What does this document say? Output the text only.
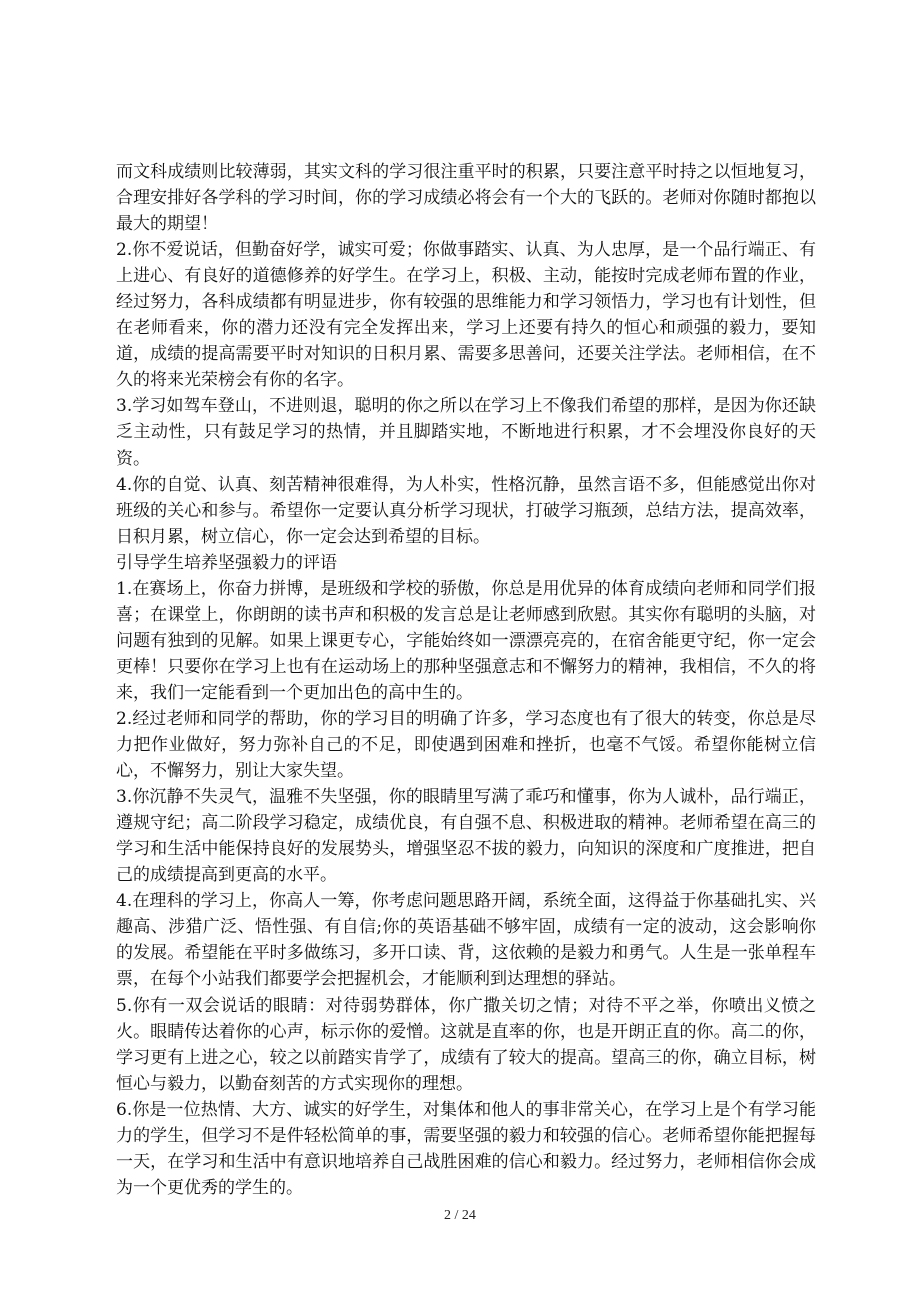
而文科成绩则比较薄弱，其实文科的学习很注重平时的积累，只要注意平时持之以恒地复习，合理安排好各学科的学习时间，你的学习成绩必将会有一个大的飞跃的。老师对你随时都抱以最大的期望！

2.你不爱说话，但勤奋好学，诚实可爱；你做事踏实、认真、为人忠厚，是一个品行端正、有上进心、有良好的道德修养的好学生。在学习上，积极、主动，能按时完成老师布置的作业，经过努力，各科成绩都有明显进步，你有较强的思维能力和学习领悟力，学习也有计划性，但在老师看来，你的潜力还没有完全发挥出来，学习上还要有持久的恒心和顽强的毅力，要知道，成绩的提高需要平时对知识的日积月累、需要多思善问，还要关注学法。老师相信，在不久的将来光荣榜会有你的名字。

3.学习如驾车登山，不进则退，聪明的你之所以在学习上不像我们希望的那样，是因为你还缺乏主动性，只有鼓足学习的热情，并且脚踏实地，不断地进行积累，才不会埋没你良好的天资。

4.你的自觉、认真、刻苦精神很难得，为人朴实，性格沉静，虽然言语不多，但能感觉出你对班级的关心和参与。希望你一定要认真分析学习现状，打破学习瓶颈，总结方法，提高效率，日积月累，树立信心，你一定会达到希望的目标。

引导学生培养坚强毅力的评语

1.在赛场上，你奋力拼博，是班级和学校的骄傲，你总是用优异的体育成绩向老师和同学们报喜；在课堂上，你朗朗的读书声和积极的发言总是让老师感到欣慰。其实你有聪明的头脑，对问题有独到的见解。如果上课更专心，字能始终如一漂漂亮亮的，在宿舍能更守纪，你一定会更棒！只要你在学习上也有在运动场上的那种坚强意志和不懈努力的精神，我相信，不久的将来，我们一定能看到一个更加出色的高中生的。

2.经过老师和同学的帮助，你的学习目的明确了许多，学习态度也有了很大的转变，你总是尽力把作业做好，努力弥补自己的不足，即使遇到困难和挫折，也毫不气馁。希望你能树立信心，不懈努力，别让大家失望。

3.你沉静不失灵气，温雅不失坚强，你的眼睛里写满了乖巧和懂事，你为人诚朴，品行端正，遵规守纪；高二阶段学习稳定，成绩优良，有自强不息、积极进取的精神。老师希望在高三的学习和生活中能保持良好的发展势头，增强坚忍不拔的毅力，向知识的深度和广度推进，把自己的成绩提高到更高的水平。

4.在理科的学习上，你高人一筹，你考虑问题思路开阔，系统全面，这得益于你基础扎实、兴趣高、涉猎广泛、悟性强、有自信;你的英语基础不够牢固，成绩有一定的波动，这会影响你的发展。希望能在平时多做练习，多开口读、背，这依赖的是毅力和勇气。人生是一张单程车票，在每个小站我们都要学会把握机会，才能顺利到达理想的驿站。

5.你有一双会说话的眼睛：对待弱势群体，你广撒关切之情；对待不平之举，你喷出义愤之火。眼睛传达着你的心声，标示你的爱憎。这就是直率的你，也是开朗正直的你。高二的你，学习更有上进之心，较之以前踏实肯学了，成绩有了较大的提高。望高三的你，确立目标，树恒心与毅力，以勤奋刻苦的方式实现你的理想。

6.你是一位热情、大方、诚实的好学生，对集体和他人的事非常关心，在学习上是个有学习能力的学生，但学习不是件轻松简单的事，需要坚强的毅力和较强的信心。老师希望你能把握每一天，在学习和生活中有意识地培养自己战胜困难的信心和毅力。经过努力，老师相信你会成为一个更优秀的学生的。

2 / 24
